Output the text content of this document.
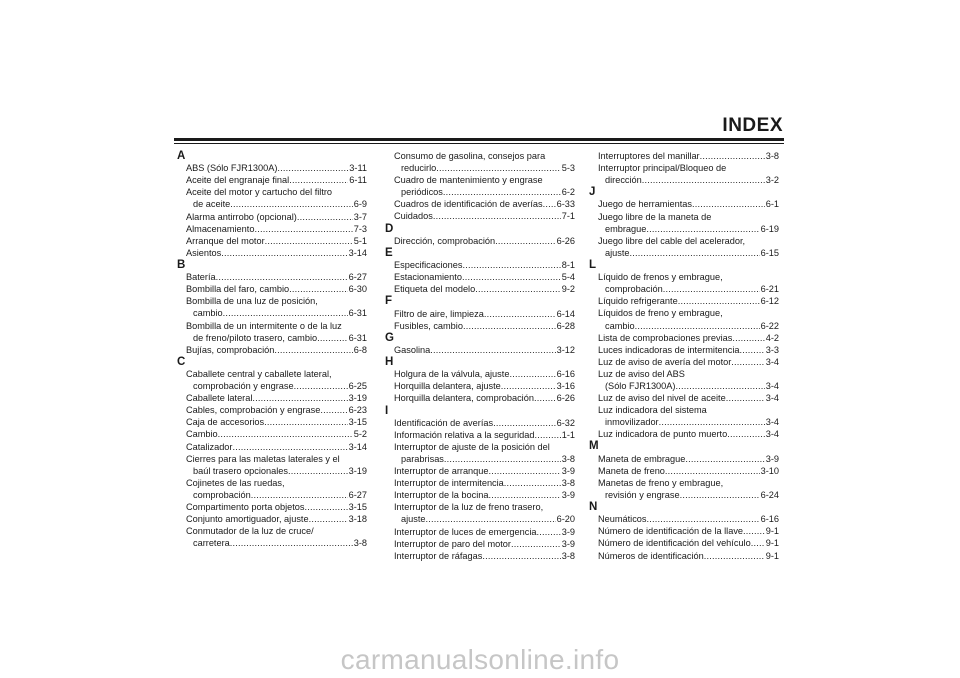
INDEX
A
ABS (Sólo FJR1300A) .....	3-11
Aceite del engranaje final .....	6-11
Aceite del motor y cartucho del filtro
de aceite .....	6-9
Alarma antirrobo (opcional) .....	3-7
Almacenamiento .....	7-3
Arranque del motor .....	5-1
Asientos .....	3-14
B
Batería .....	6-27
Bombilla del faro, cambio .....	6-30
Bombilla de una luz de posición,
cambio .....	6-31
Bombilla de un intermitente o de la luz
de freno/piloto trasero, cambio .....	6-31
Bujías, comprobación .....	6-8
C
Caballete central y caballete lateral,
comprobación y engrase .....	6-25
Caballete lateral .....	3-19
Cables, comprobación y engrase .....	6-23
Caja de accesorios .....	3-15
Cambio .....	5-2
Catalizador .....	3-14
Cierres para las maletas laterales y el
baúl trasero opcionales .....	3-19
Cojinetes de las ruedas,
comprobación .....	6-27
Compartimento porta objetos .....	3-15
Conjunto amortiguador, ajuste .....	3-18
Conmutador de la luz de cruce/
carretera .....	3-8
Consumo de gasolina, consejos para
reducirlo .....	5-3
Cuadro de mantenimiento y engrase
periódicos .....	6-2
Cuadros de identificación de averías ..... 6-33
Cuidados .....	7-1
D
Dirección, comprobación .....	6-26
E
Especificaciones .....	8-1
Estacionamiento .....	5-4
Etiqueta del modelo .....	9-2
F
Filtro de aire, limpieza .....	6-14
Fusibles, cambio .....	6-28
G
Gasolina .....	3-12
H
Holgura de la válvula, ajuste .....	6-16
Horquilla delantera, ajuste .....	3-16
Horquilla delantera, comprobación ..... 6-26
I
Identificación de averías .....	6-32
Información relativa a la seguridad .....	1-1
Interruptor de ajuste de la posición del
parabrisas .....	3-8
Interruptor de arranque .....	3-9
Interruptor de intermitencia .....	3-8
Interruptor de la bocina .....	3-9
Interruptor de la luz de freno trasero,
ajuste .....	6-20
Interruptor de luces de emergencia .....	3-9
Interruptor de paro del motor .....	3-9
Interruptor de ráfagas .....	3-8
Interruptores del manillar .....	3-8
Interruptor principal/Bloqueo de
dirección .....	3-2
J
Juego de herramientas .....	6-1
Juego libre de la maneta de
embrague .....	6-19
Juego libre del cable del acelerador,
ajuste .....	6-15
L
Líquido de frenos y embrague,
comprobación .....	6-21
Líquido refrigerante .....	6-12
Líquidos de freno y embrague,
cambio .....	6-22
Lista de comprobaciones previas .....	4-2
Luces indicadoras de intermitencia .....	3-3
Luz de aviso de avería del motor .....	3-4
Luz de aviso del ABS
(Sólo FJR1300A) .....	3-4
Luz de aviso del nivel de aceite .....	3-4
Luz indicadora del sistema
inmovilizador .....	3-4
Luz indicadora de punto muerto .....	3-4
M
Maneta de embrague .....	3-9
Maneta de freno .....	3-10
Manetas de freno y embrague,
revisión y engrase .....	6-24
N
Neumáticos .....	6-16
Número de identificación de la llave ..... 9-1
Número de identificación del vehículo ..... 9-1
Números de identificación .....	9-1
carmanualsonline.info
